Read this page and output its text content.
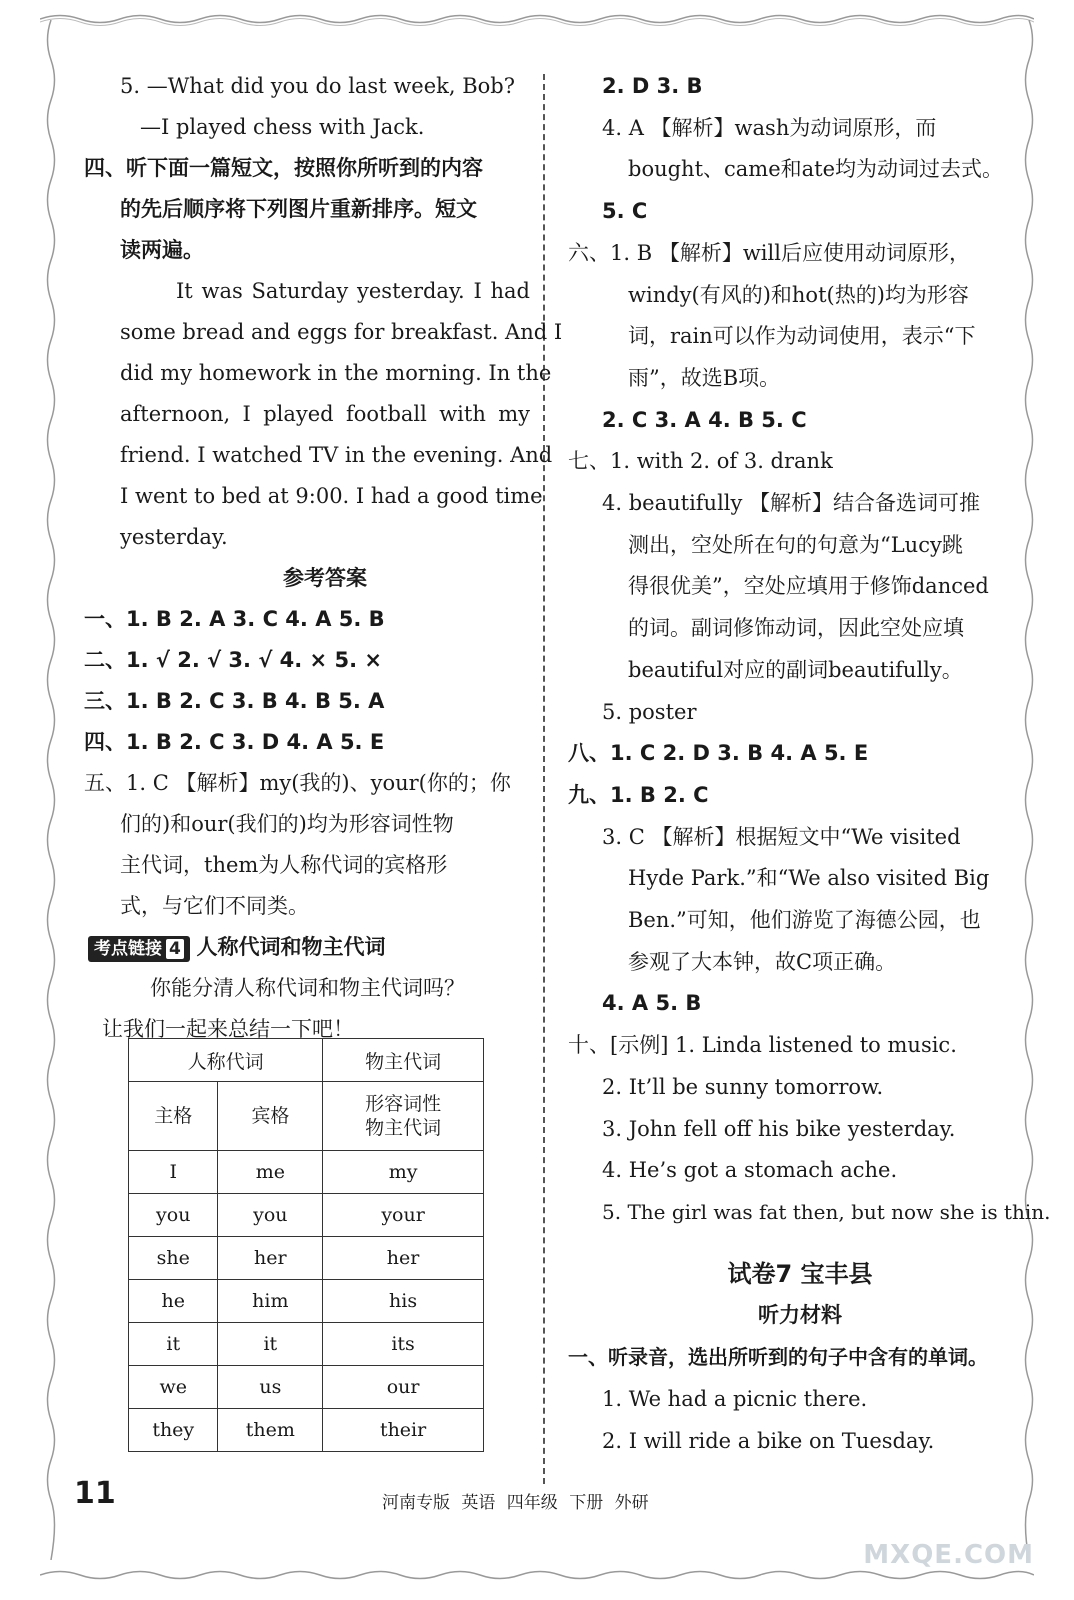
5. —What did you do last week, Bob?
—I played chess with Jack.
四、听下面一篇短文，按照你所听到的内容
的先后顺序将下列图片重新排序。短文
读两遍。
It was Saturday yesterday. I had
some bread and eggs for breakfast. And I
did my homework in the morning. In the
afternoon, I played football with my
friend. I watched TV in the evening. And
I went to bed at 9:00. I had a good time
yesterday.
参考答案
一、1. B 2. A 3. C 4. A 5. B
二、1. √ 2. √ 3. √ 4. × 5. ×
三、1. B 2. C 3. B 4. B 5. A
四、1. B 2. C 3. D 4. A 5. E
五、1. C 【解析】my(我的)、your(你的；你
们的)和our(我们的)均为形容词性物
主代词，them为人称代词的宾格形
式，与它们不同类。
考点链接 4 人称代词和物主代词
你能分清人称代词和物主代词吗？
让我们一起来总结一下吧！
人称代词		物主代词
主格	宾格	形容词性
物主代词
I	me	my
you	you	your
she	her	her
he	him	his
it	it	its
we	us	our
they	them	their
2. D 3. B
4. A 【解析】wash为动词原形，而
bought、came和ate均为动词过去式。
5. C
六、1. B 【解析】will后应使用动词原形，
windy(有风的)和hot(热的)均为形容
词，rain可以作为动词使用，表示“下
雨”，故选B项。
2. C 3. A 4. B 5. C
七、1. with 2. of 3. drank
4. beautifully 【解析】结合备选词可推
测出，空处所在句的句意为“Lucy跳
得很优美”，空处应填用于修饰danced
的词。副词修饰动词，因此空处应填
beautiful对应的副词beautifully。
5. poster
八、1. C 2. D 3. B 4. A 5. E
九、1. B 2. C
3. C 【解析】根据短文中“We visited
Hyde Park.”和“We also visited Big
Ben.”可知，他们游览了海德公园，也
参观了大本钟，故C项正确。
4. A 5. B
十、[示例] 1. Linda listened to music.
2. It’ll be sunny tomorrow.
3. John fell off his bike yesterday.
4. He’s got a stomach ache.
5. The girl was fat then, but now she is thin.
试卷7 宝丰县
听力材料
一、听录音，选出所听到的句子中含有的单词。
1. We had a picnic there.
2. I will ride a bike on Tuesday.
11	河南专版 英语 四年级 下册 外研
MXQE.COM
